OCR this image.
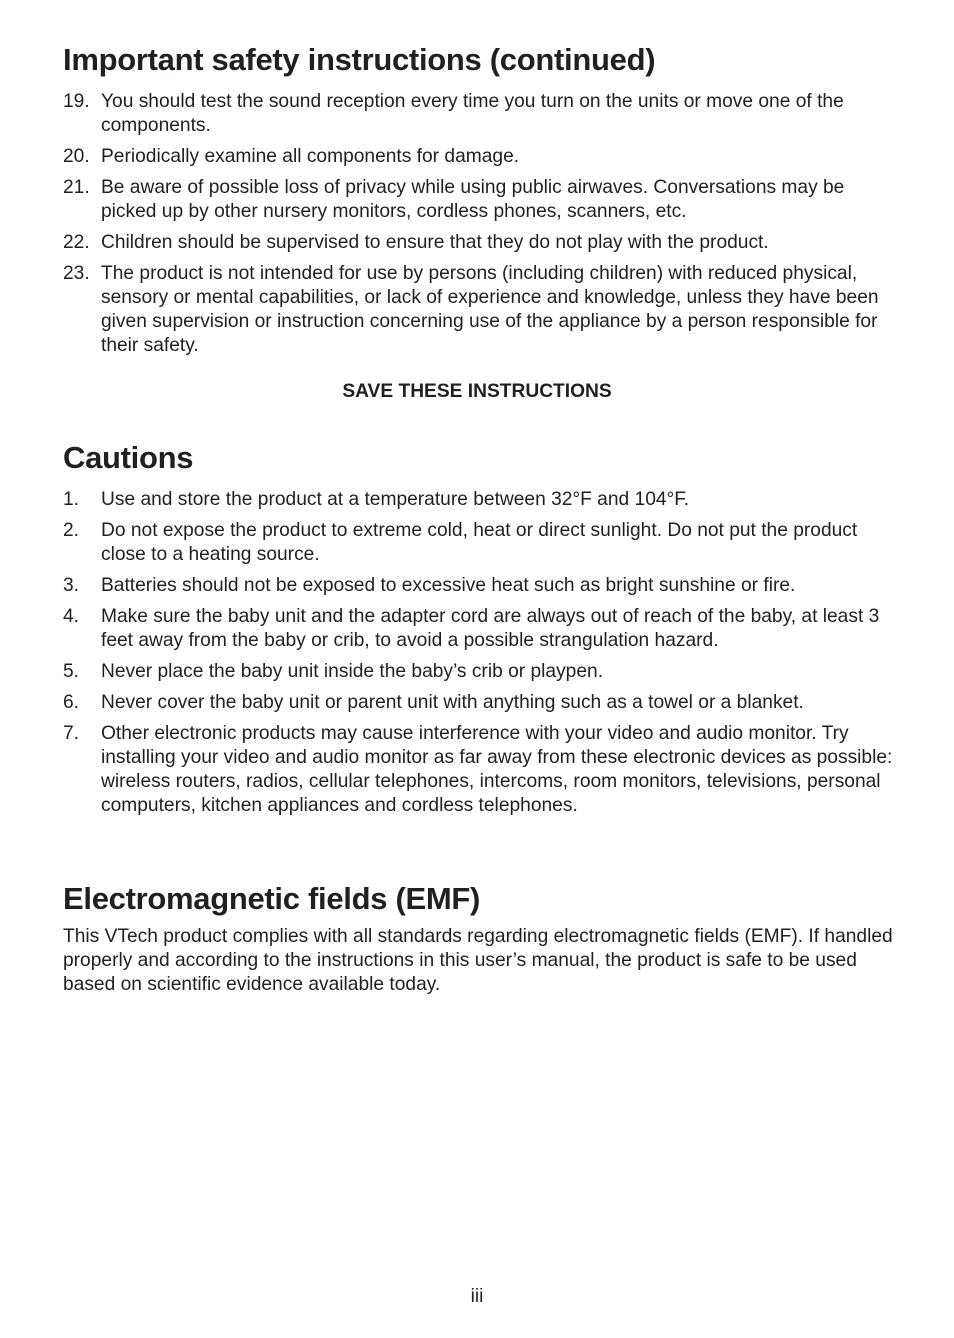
Important safety instructions (continued)
19. You should test the sound reception every time you turn on the units or move one of the components.
20. Periodically examine all components for damage.
21. Be aware of possible loss of privacy while using public airwaves. Conversations may be picked up by other nursery monitors, cordless phones, scanners, etc.
22. Children should be supervised to ensure that they do not play with the product.
23. The product is not intended for use by persons (including children) with reduced physical, sensory or mental capabilities, or lack of experience and knowledge, unless they have been given supervision or instruction concerning use of the appliance by a person responsible for their safety.
SAVE THESE INSTRUCTIONS
Cautions
1. Use and store the product at a temperature between 32°F and 104°F.
2. Do not expose the product to extreme cold, heat or direct sunlight. Do not put the product close to a heating source.
3. Batteries should not be exposed to excessive heat such as bright sunshine or fire.
4. Make sure the baby unit and the adapter cord are always out of reach of the baby, at least 3 feet away from the baby or crib, to avoid a possible strangulation hazard.
5. Never place the baby unit inside the baby’s crib or playpen.
6. Never cover the baby unit or parent unit with anything such as a towel or a blanket.
7. Other electronic products may cause interference with your video and audio monitor. Try installing your video and audio monitor as far away from these electronic devices as possible: wireless routers, radios, cellular telephones, intercoms, room monitors, televisions, personal computers, kitchen appliances and cordless telephones.
Electromagnetic fields (EMF)

This VTech product complies with all standards regarding electromagnetic fields (EMF). If handled properly and according to the instructions in this user’s manual, the product is safe to be used based on scientific evidence available today.

iii
